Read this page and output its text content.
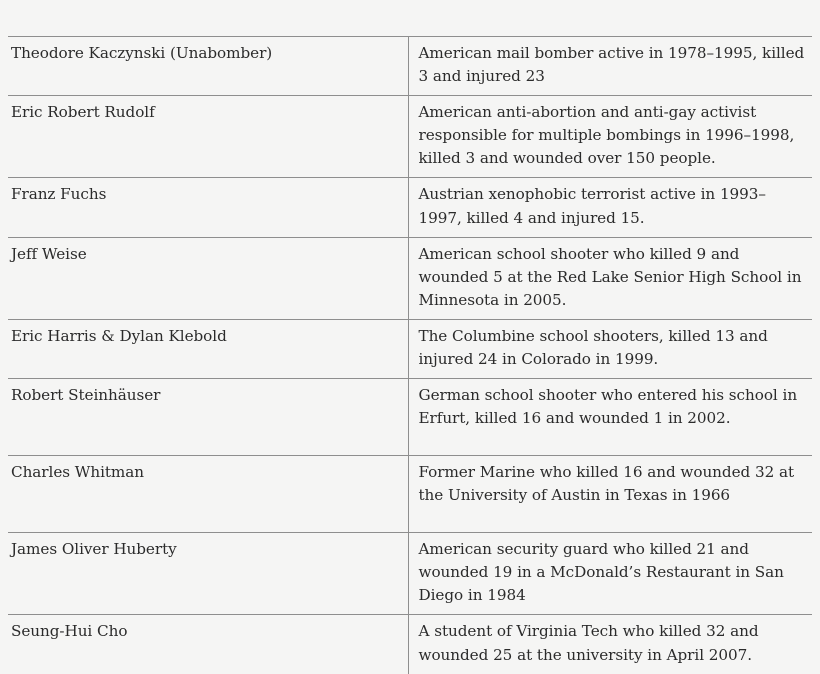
Theodore Kaczynski (Unabomber)	American mail bomber active in 1978–1995, killed 3 and injured 23

Eric Robert Rudolf	American anti-abortion and anti-gay activist responsible for multiple bombings in 1996–1998, killed 3 and wounded over 150 people.

Franz Fuchs	Austrian xenophobic terrorist active in 1993–1997, killed 4 and injured 15.

Jeff Weise	American school shooter who killed 9 and wounded 5 at the Red Lake Senior High School in Minnesota in 2005.

Eric Harris & Dylan Klebold	The Columbine school shooters, killed 13 and injured 24 in Colorado in 1999.

Robert Steinhäuser	German school shooter who entered his school in Erfurt, killed 16 and wounded 1 in 2002.

Charles Whitman	Former Marine who killed 16 and wounded 32 at the University of Austin in Texas in 1966

James Oliver Huberty	American security guard who killed 21 and wounded 19 in a McDonald’s Restaurant in San Diego in 1984

Seung-Hui Cho	A student of Virginia Tech who killed 32 and wounded 25 at the university in April 2007.
